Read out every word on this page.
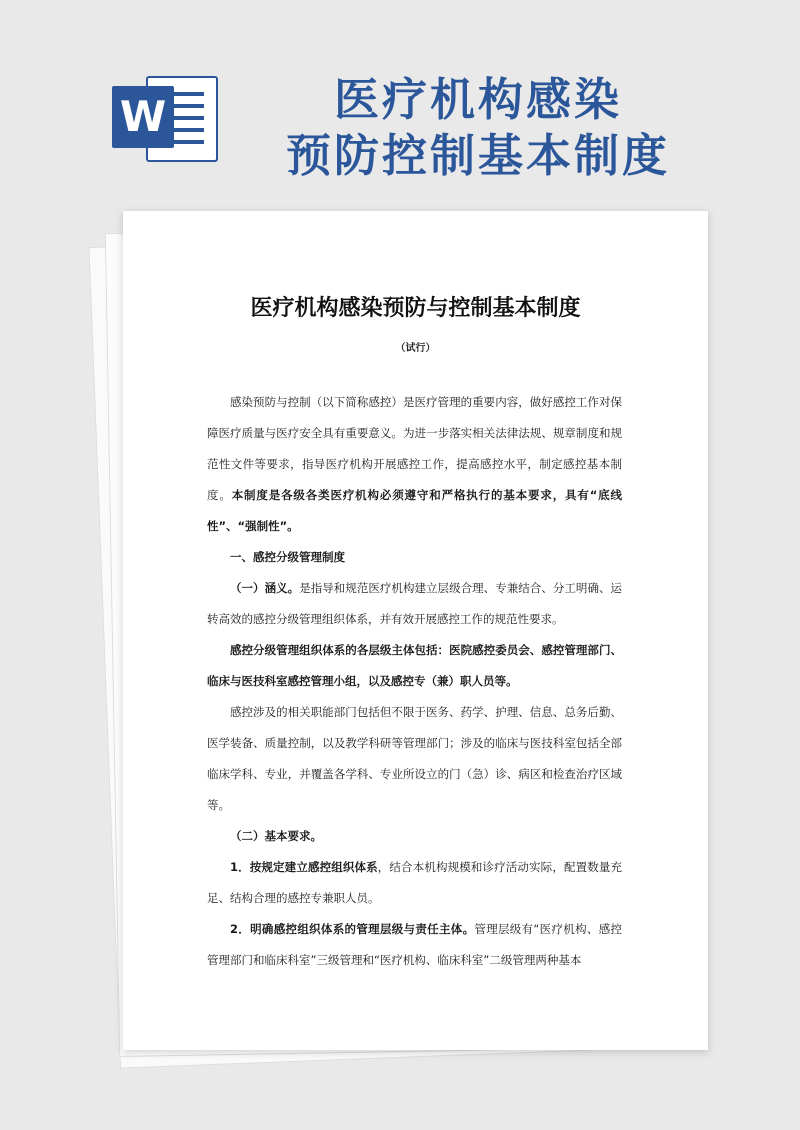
W	医疗机构感染
预防控制基本制度
医疗机构感染预防与控制基本制度
（试行）

感染预防与控制（以下简称感控）是医疗管理的重要内容，做好感控工作对保障医疗质量与医疗安全具有重要意义。为进一步落实相关法律法规、规章制度和规范性文件等要求，指导医疗机构开展感控工作，提高感控水平，制定感控基本制度。本制度是各级各类医疗机构必须遵守和严格执行的基本要求，具有“底线性”、“强制性”。

一、感控分级管理制度

（一）涵义。是指导和规范医疗机构建立层级合理、专兼结合、分工明确、运转高效的感控分级管理组织体系，并有效开展感控工作的规范性要求。

感控分级管理组织体系的各层级主体包括：医院感控委员会、感控管理部门、临床与医技科室感控管理小组，以及感控专（兼）职人员等。

感控涉及的相关职能部门包括但不限于医务、药学、护理、信息、总务后勤、医学装备、质量控制，以及教学科研等管理部门；涉及的临床与医技科室包括全部临床学科、专业，并覆盖各学科、专业所设立的门（急）诊、病区和检查治疗区域等。

（二）基本要求。

1．按规定建立感控组织体系，结合本机构规模和诊疗活动实际，配置数量充足、结构合理的感控专兼职人员。

2．明确感控组织体系的管理层级与责任主体。管理层级有“医疗机构、感控管理部门和临床科室”三级管理和“医疗机构、临床科室”二级管理两种基本
